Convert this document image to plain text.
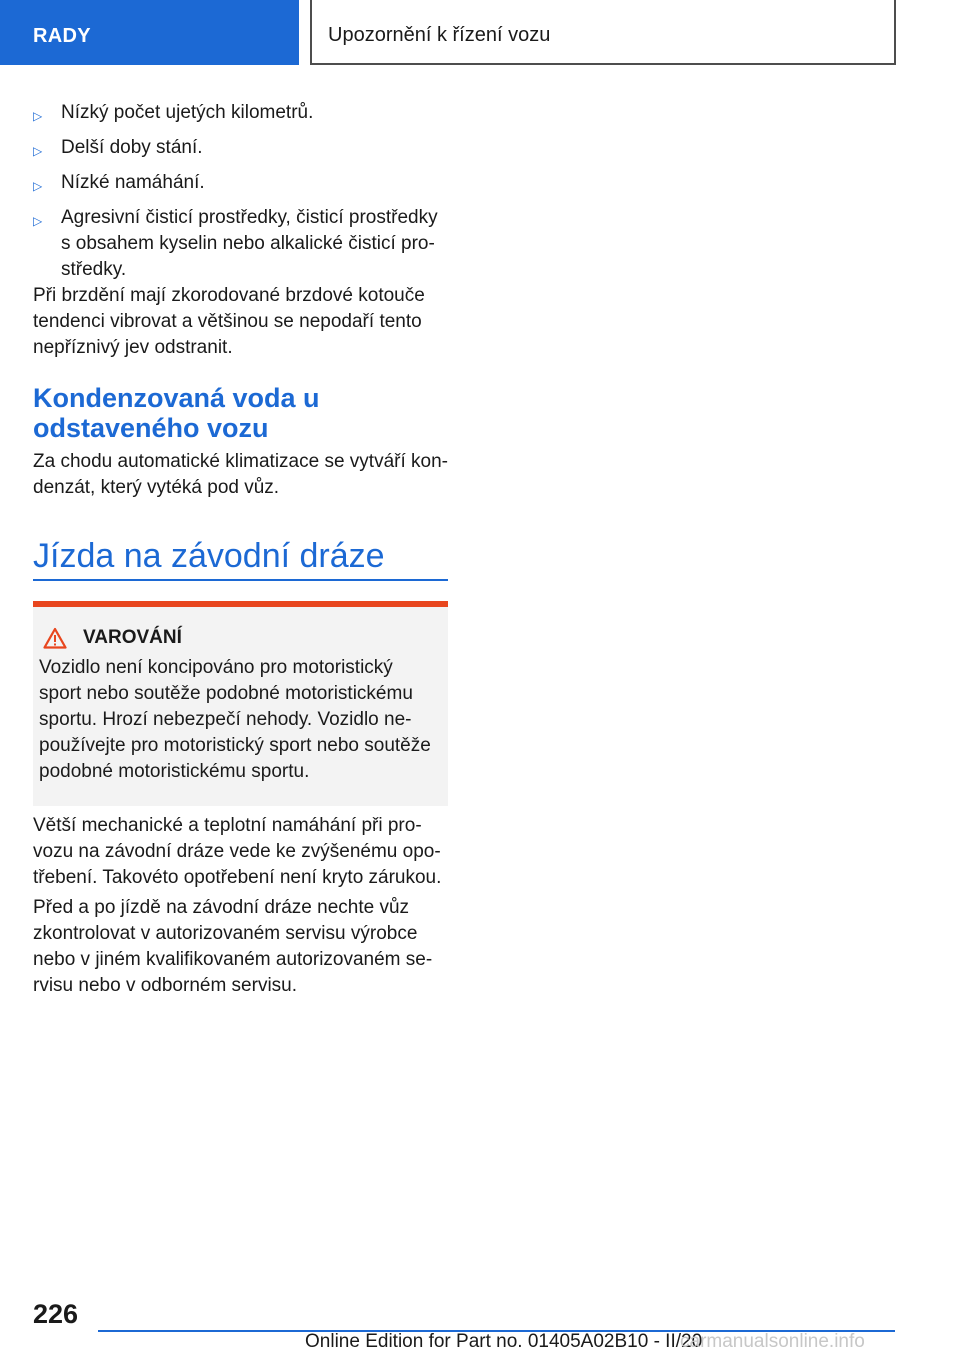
RADY	Upozornění k řízení vozu
▷ Nízký počet ujetých kilometrů.
▷ Delší doby stání.
▷ Nízké namáhání.
▷ Agresivní čisticí prostředky, čisticí prostředky s obsahem kyselin nebo alkalické čisticí pro-středky.

Při brzdění mají zkorodované brzdové kotouče tendenci vibrovat a většinou se nepodaří tento nepříznivý jev odstranit.

Kondenzovaná voda u odstaveného vozu

Za chodu automatické klimatizace se vytváří kon-denzát, který vytéká pod vůz.

Jízda na závodní dráze
VAROVÁNÍ
Vozidlo není koncipováno pro motoristický sport nebo soutěže podobné motoristickému sportu. Hrozí nebezpečí nehody. Vozidlo ne-používejte pro motoristický sport nebo soutěže podobné motoristickému sportu.

Větší mechanické a teplotní namáhání při pro-vozu na závodní dráze vede ke zvýšenému opo-třebení. Takovéto opotřebení není kryto zárukou.

Před a po jízdě na závodní dráze nechte vůz zkontrolovat v autorizovaném servisu výrobce nebo v jiném kvalifikovaném autorizovaném se-rvisu nebo v odborném servisu.

226
Online Edition for Part no. 01405A02B10 - II/20
carmanualsonline.info
